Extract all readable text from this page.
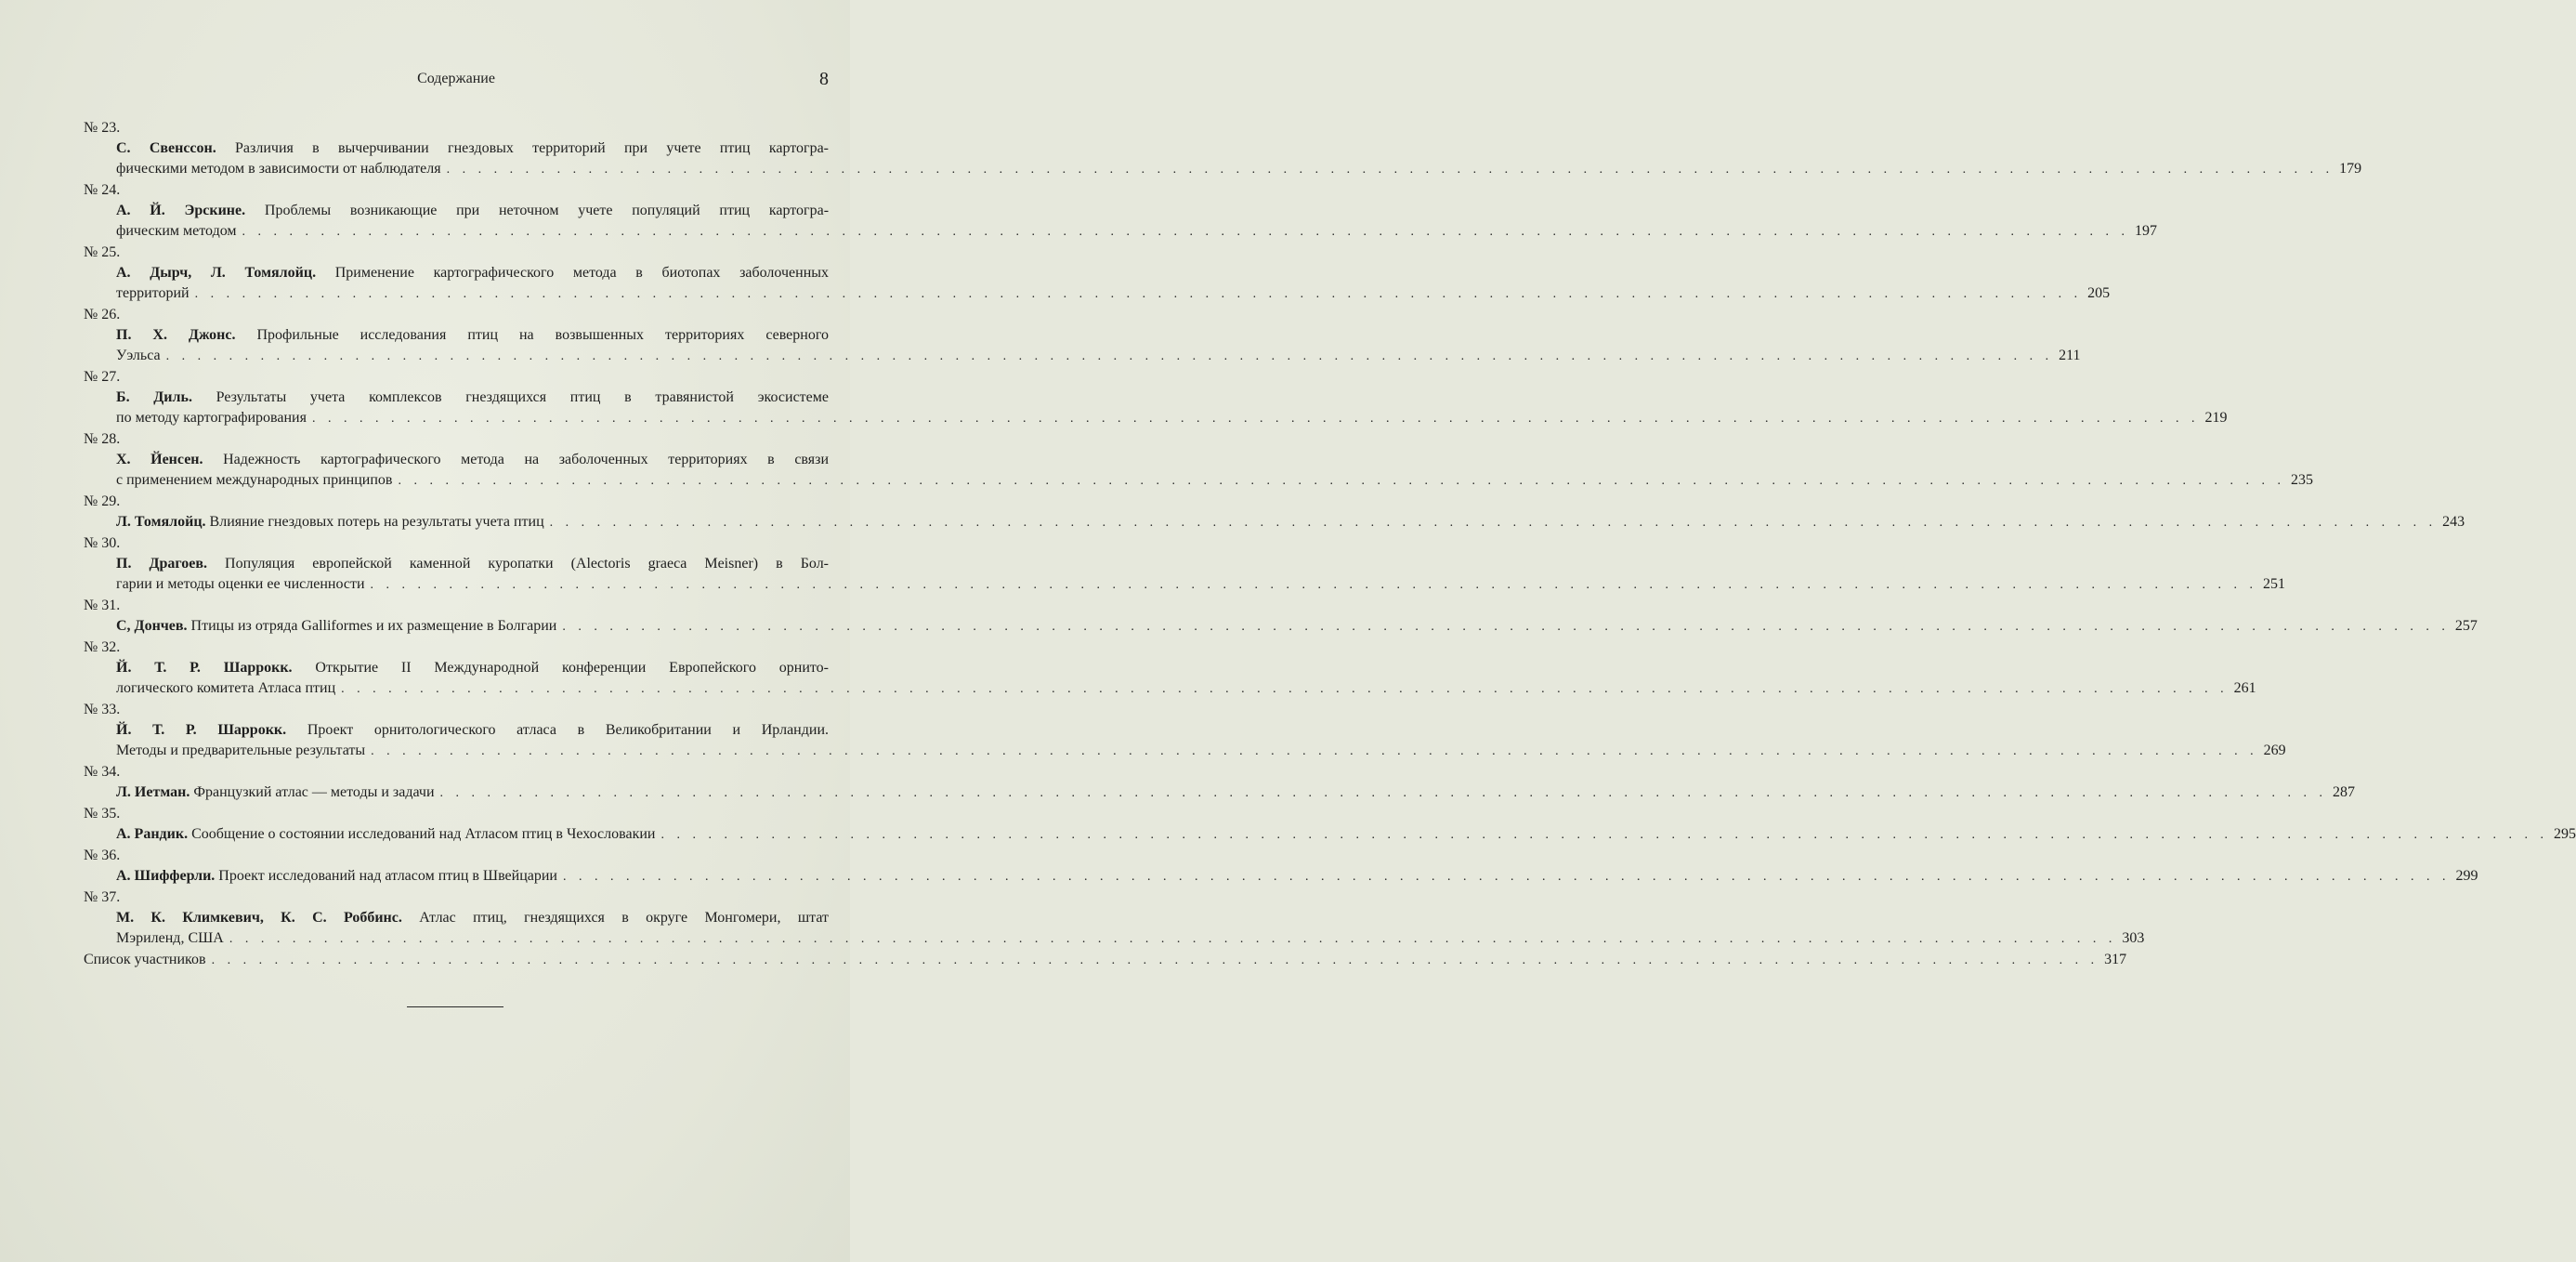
Содержание	8
№ 23.
С. Свенссон. Различия в вычерчивании гнездовых территорий при учете птиц картогра-
фическими методом в зависимости от наблюдателя . . . . . . . . . . . . . . . . . . . . . . . . . . . . . . . . . . . . . . . . . . . . . . . . . . . . . . . . . . . . . . . . . . . . . . . . . . . . . . . . . . . . . . . . . . . . . . . . . . . . . . . . . . . . . . . . . . . . . . . . 179
№ 24.
А. Й. Эрскине. Проблемы возникающие при неточном учете популяций птиц картогра-
фическим методом . . . . . . . . . . . . . . . . . . . . . . . . . . . . . . . . . . . . . . . . . . . . . . . . . . . . . . . . . . . . . . . . . . . . . . . . . . . . . . . . . . . . . . . . . . . . . . . . . . . . . . . . . . . . . . . . . . . . . . . . 197
№ 25.
А. Дырч, Л. Томялойц. Применение картографического метода в биотопах заболоченных
территорий . . . . . . . . . . . . . . . . . . . . . . . . . . . . . . . . . . . . . . . . . . . . . . . . . . . . . . . . . . . . . . . . . . . . . . . . . . . . . . . . . . . . . . . . . . . . . . . . . . . . . . . . . . . . . . . . . . . . . . . . 205
№ 26.
П. Х. Джонс. Профильные исследования птиц на возвышенных территориях северного
Уэльса . . . . . . . . . . . . . . . . . . . . . . . . . . . . . . . . . . . . . . . . . . . . . . . . . . . . . . . . . . . . . . . . . . . . . . . . . . . . . . . . . . . . . . . . . . . . . . . . . . . . . . . . . . . . . . . . . . . . . . . . 211
№ 27.
Б. Диль. Результаты учета комплексов гнездящихся птиц в травянистой экосистеме
по методу картографирования . . . . . . . . . . . . . . . . . . . . . . . . . . . . . . . . . . . . . . . . . . . . . . . . . . . . . . . . . . . . . . . . . . . . . . . . . . . . . . . . . . . . . . . . . . . . . . . . . . . . . . . . . . . . . . . . . . . . . . . . 219
№ 28.
Х. Йенсен. Надежность картографического метода на заболоченных территориях в связи
с применением международных принципов . . . . . . . . . . . . . . . . . . . . . . . . . . . . . . . . . . . . . . . . . . . . . . . . . . . . . . . . . . . . . . . . . . . . . . . . . . . . . . . . . . . . . . . . . . . . . . . . . . . . . . . . . . . . . . . . . . . . . . . . 235
№ 29.
Л. Томялойц. Влияние гнездовых потерь на результаты учета птиц . . . . . . . . . . . . . . . . . . . . . . . . . . . . . . . . . . . . . . . . . . . . . . . . . . . . . . . . . . . . . . . . . . . . . . . . . . . . . . . . . . . . . . . . . . . . . . . . . . . . . . . . . . . . . . . . . . . . . . . . 243
№ 30.
П. Драгоев. Популяция европейской каменной куропатки (Alectoris graeca Meisner) в Бол-
гарии и методы оценки ее численности . . . . . . . . . . . . . . . . . . . . . . . . . . . . . . . . . . . . . . . . . . . . . . . . . . . . . . . . . . . . . . . . . . . . . . . . . . . . . . . . . . . . . . . . . . . . . . . . . . . . . . . . . . . . . . . . . . . . . . . . 251
№ 31.
С, Дончев. Птицы из отряда Galliformes и их размещение в Болгарии . . . . . . . . . . . . . . . . . . . . . . . . . . . . . . . . . . . . . . . . . . . . . . . . . . . . . . . . . . . . . . . . . . . . . . . . . . . . . . . . . . . . . . . . . . . . . . . . . . . . . . . . . . . . . . . . . . . . . . . . 257
№ 32.
Й. Т. Р. Шаррокк. Открытие II Международной конференции Европейского орнито-
логического комитета Атласа птиц . . . . . . . . . . . . . . . . . . . . . . . . . . . . . . . . . . . . . . . . . . . . . . . . . . . . . . . . . . . . . . . . . . . . . . . . . . . . . . . . . . . . . . . . . . . . . . . . . . . . . . . . . . . . . . . . . . . . . . . . 261
№ 33.
Й. Т. Р. Шаррокк. Проект орнитологического атласа в Великобритании и Ирландии.
Методы и предварительные результаты . . . . . . . . . . . . . . . . . . . . . . . . . . . . . . . . . . . . . . . . . . . . . . . . . . . . . . . . . . . . . . . . . . . . . . . . . . . . . . . . . . . . . . . . . . . . . . . . . . . . . . . . . . . . . . . . . . . . . . . . 269
№ 34.
Л. Иетман. Французкий атлас — методы и задачи . . . . . . . . . . . . . . . . . . . . . . . . . . . . . . . . . . . . . . . . . . . . . . . . . . . . . . . . . . . . . . . . . . . . . . . . . . . . . . . . . . . . . . . . . . . . . . . . . . . . . . . . . . . . . . . . . . . . . . . . 287
№ 35.
А. Рандик. Сообщение о состоянии исследований над Атласом птиц в Чехословакии . . . . . . . . . . . . . . . . . . . . . . . . . . . . . . . . . . . . . . . . . . . . . . . . . . . . . . . . . . . . . . . . . . . . . . . . . . . . . . . . . . . . . . . . . . . . . . . . . . . . . . . . . . . . . . . . . . . . . . . . 295
№ 36.
А. Шифферли. Проект исследований над атласом птиц в Швейцарии . . . . . . . . . . . . . . . . . . . . . . . . . . . . . . . . . . . . . . . . . . . . . . . . . . . . . . . . . . . . . . . . . . . . . . . . . . . . . . . . . . . . . . . . . . . . . . . . . . . . . . . . . . . . . . . . . . . . . . . . 299
№ 37.
М. К. Климкевич, К. С. Роббинс. Атлас птиц, гнездящихся в округе Монгомери, штат
Мэриленд, США . . . . . . . . . . . . . . . . . . . . . . . . . . . . . . . . . . . . . . . . . . . . . . . . . . . . . . . . . . . . . . . . . . . . . . . . . . . . . . . . . . . . . . . . . . . . . . . . . . . . . . . . . . . . . . . . . . . . . . . . 303
Список участников . . . . . . . . . . . . . . . . . . . . . . . . . . . . . . . . . . . . . . . . . . . . . . . . . . . . . . . . . . . . . . . . . . . . . . . . . . . . . . . . . . . . . . . . . . . . . . . . . . . . . . . . . . . . . . . . . . . . . . . . 317
